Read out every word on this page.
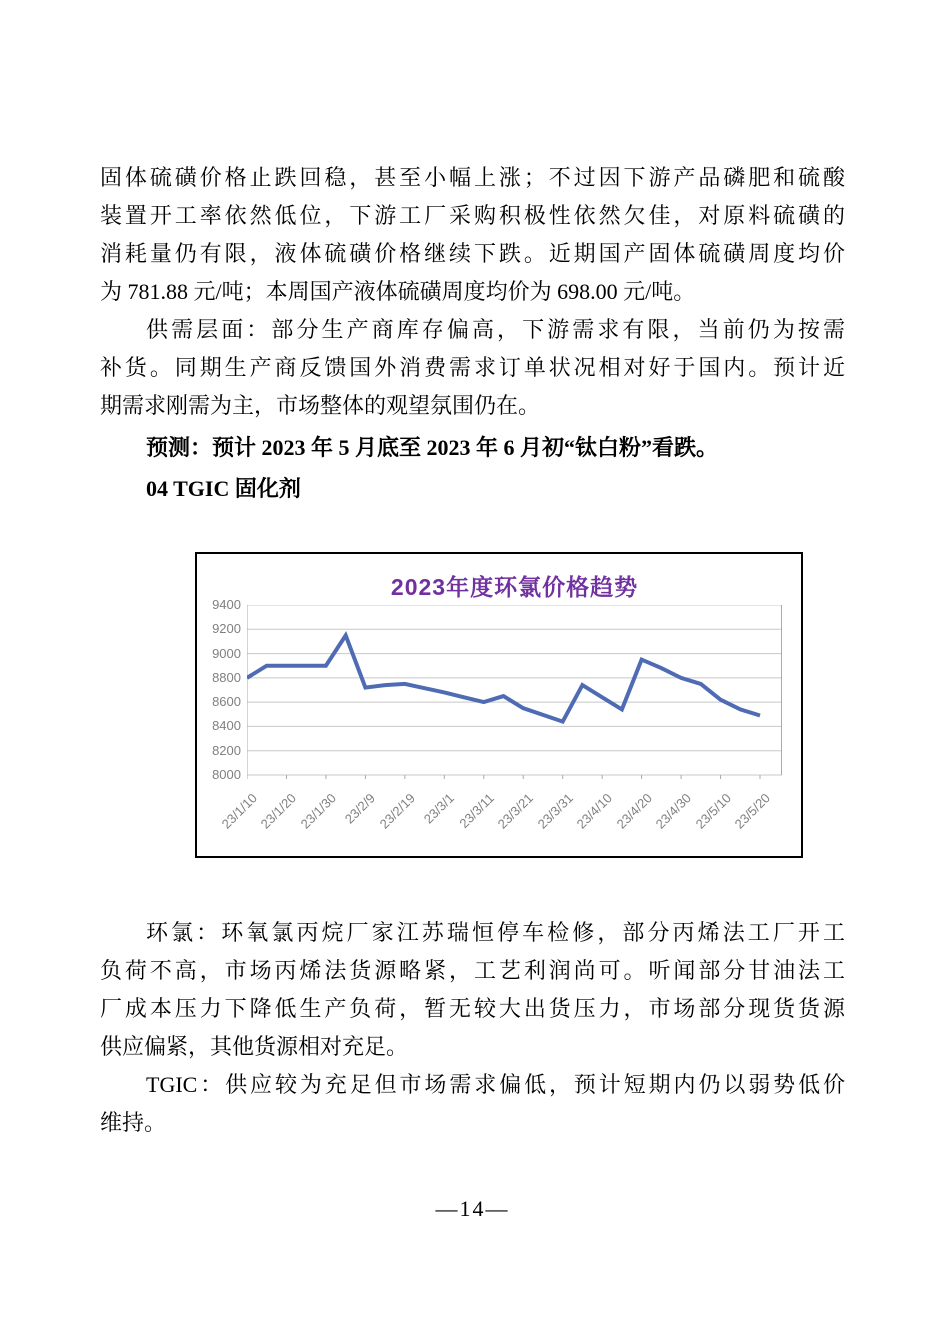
固体硫磺价格止跌回稳，甚至小幅上涨；不过因下游产品磷肥和硫酸
装置开工率依然低位，下游工厂采购积极性依然欠佳，对原料硫磺的
消耗量仍有限，液体硫磺价格继续下跌。近期国产固体硫磺周度均价
为 781.88 元/吨；本周国产液体硫磺周度均价为 698.00 元/吨。
供需层面：部分生产商库存偏高，下游需求有限，当前仍为按需
补货。同期生产商反馈国外消费需求订单状况相对好于国内。预计近
期需求刚需为主，市场整体的观望氛围仍在。
预测：预计 2023 年 5 月底至 2023 年 6 月初“钛白粉”看跌。
04 TGIC 固化剂
2023年度环氯价格趋势
8000
8200
8400
8600
8800
9000
9200
9400
23/1/10
23/1/20
23/1/30 23/2/9
23/2/19 23/3/1
23/3/11
23/3/21
23/3/31
23/4/10
23/4/20
23/4/30
23/5/10
23/5/20
环氯：环氧氯丙烷厂家江苏瑞恒停车检修，部分丙烯法工厂开工
负荷不高，市场丙烯法货源略紧，工艺利润尚可。听闻部分甘油法工
厂成本压力下降低生产负荷，暂无较大出货压力，市场部分现货货源
供应偏紧，其他货源相对充足。
TGIC：供应较为充足但市场需求偏低，预计短期内仍以弱势低价
维持。
—14—
